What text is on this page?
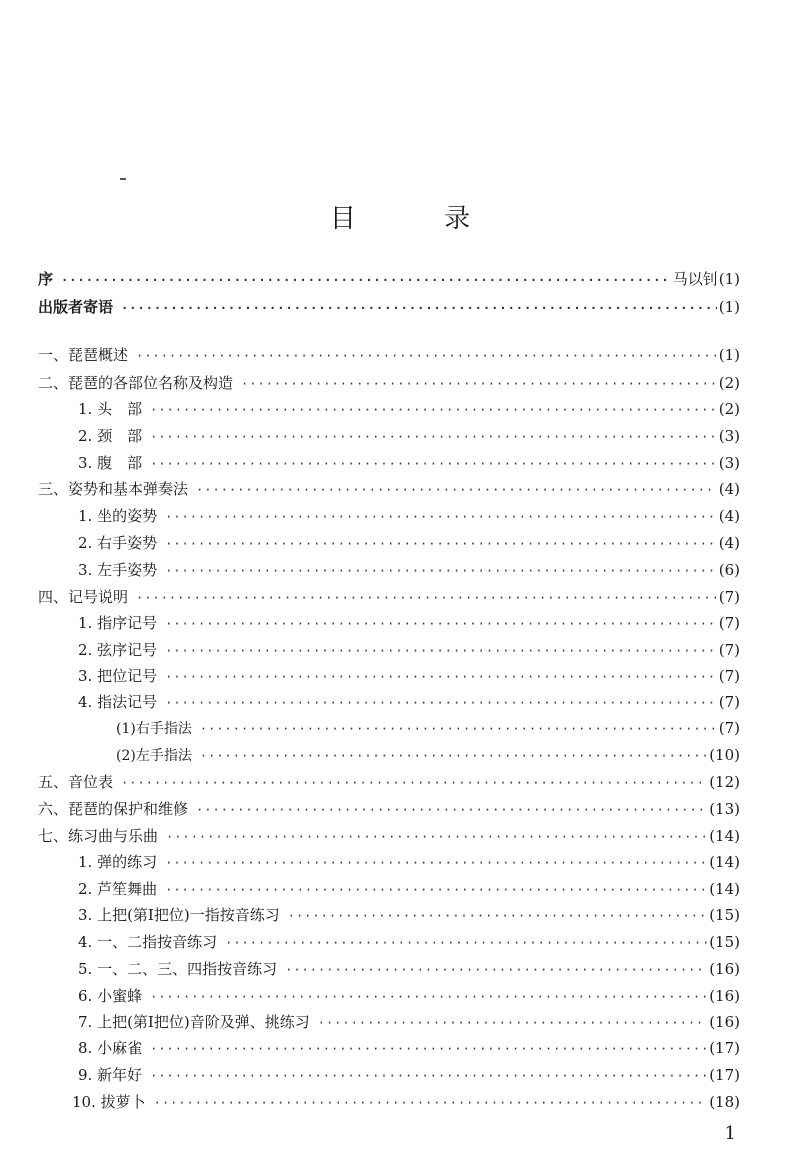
目 录
序 ·····	马以钊 (1)
出版者寄语 ·····	(1)
一、琵琶概述 ·····	(1)
二、琵琶的各部位名称及构造 ·····	(2)
1. 头　部 ·····	(2)
2. 颈　部 ·····	(3)
3. 腹　部 ·····	(3)
三、姿势和基本弹奏法 ·····	(4)
1. 坐的姿势 ·····	(4)
2. 右手姿势 ·····	(4)
3. 左手姿势 ·····	(6)
四、记号说明 ·····	(7)
1. 指序记号 ·····	(7)
2. 弦序记号 ·····	(7)
3. 把位记号 ·····	(7)
4. 指法记号 ·····	(7)
(1)右手指法 ·····	(7)
(2)左手指法 ·····	(10)
五、音位表 ·····	(12)
六、琵琶的保护和维修 ·····	(13)
七、练习曲与乐曲 ·····	(14)
1. 弹的练习 ·····	(14)
2. 芦笙舞曲 ·····	(14)
3. 上把(第Ⅰ把位)一指按音练习 ·····	(15)
4. 一、二指按音练习 ·····	(15)
5. 一、二、三、四指按音练习 ·····	(16)
6. 小蜜蜂 ·····	(16)
7. 上把(第Ⅰ把位)音阶及弹、挑练习 ·····	(16)
8. 小麻雀 ·····	(17)
9. 新年好 ·····	(17)
10. 拔萝卜 ·····	(18)
1
